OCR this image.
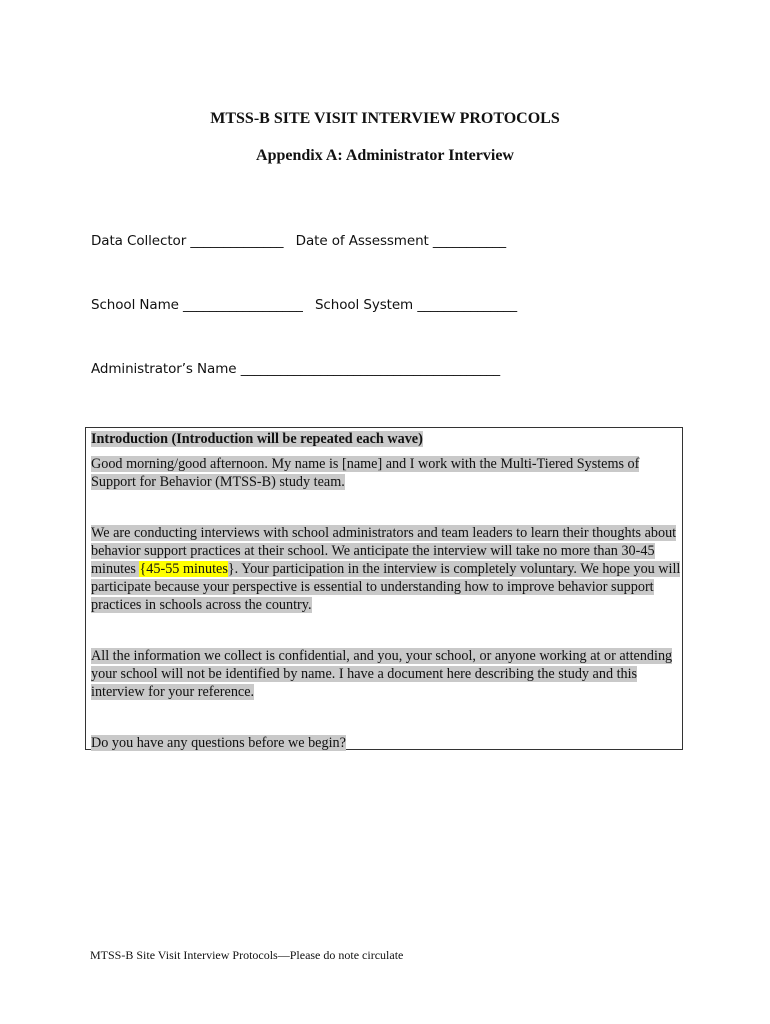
MTSS-B SITE VISIT INTERVIEW PROTOCOLS
Appendix A: Administrator Interview
Data Collector ______________ Date of Assessment ___________
School Name __________________ School System _______________
Administrator’s Name _______________________________________

Introduction (Introduction will be repeated each wave)

Good morning/good afternoon. My name is [name] and I work with the Multi-Tiered Systems of Support for Behavior (MTSS-B) study team.

We are conducting interviews with school administrators and team leaders to learn their thoughts about behavior support practices at their school. We anticipate the interview will take no more than 30-45 minutes {45-55 minutes}. Your participation in the interview is completely voluntary. We hope you will participate because your perspective is essential to understanding how to improve behavior support practices in schools across the country.

All the information we collect is confidential, and you, your school, or anyone working at or attending your school will not be identified by name. I have a document here describing the study and this interview for your reference.

Do you have any questions before we begin?

MTSS-B Site Visit Interview Protocols—Please do note circulate
